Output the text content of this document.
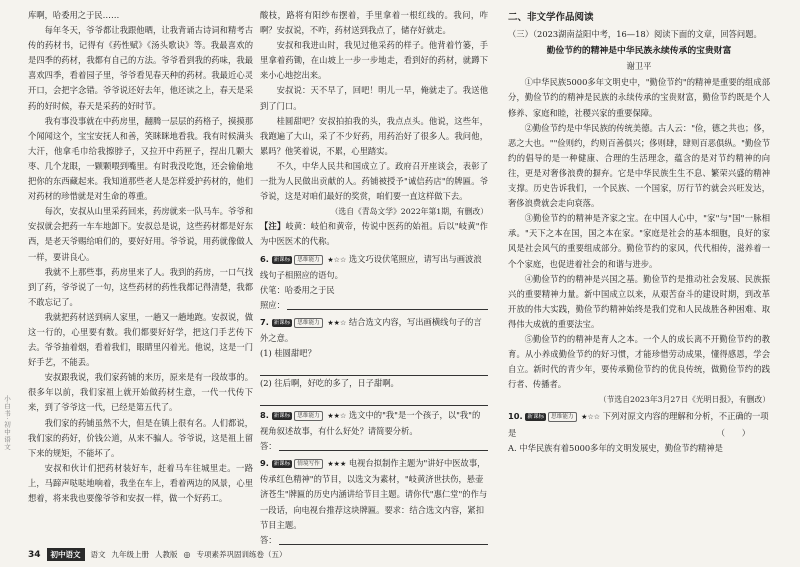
小白书·初中语文

库啊，哈委用之于民……

每年冬天，爷爷都让我跟他晒，让我背诵古诗词和精考古传的药材书，记得有《药性赋》《汤头歌诀》等。我最喜欢的是四季的药材，我都有自己的方法。爷爷看到我的药味，我最喜欢四季，看着园子里，爷爷看见春天种的药材。我最近心灵开口，会把字念错。爷爷说还好去年，他还读之上，春天是采药的好时候，春天是采药的好时节。

我有事没事就在中药房里，翻腾一层层的药格子，摸摸那个闻闻这个，宝宝安抚人和善，笑眯眯地看我。我有时候满头大汗，他拿毛巾给我擦脖子，又拉开中药匣子，捏出几颗大枣、几个龙眼，一颗颗喂到嘴里。有时我没吃饱，还会偷偷地把你的东西藏起来。我知道那些老人是怎样爱护药材的，他们对药材的珍惜就是对生命的尊重。

每次，安叔从山里采药回来，药房就来一队马车。爷爷和安叔就会把药一车车地卸下。安叔总是说，这些药材都是好东西，是老天爷赐给咱们的，要好好用。爷爷说，用药就像做人一样，要讲良心。

我就不上那些事，药房里来了人。我到的药房，一口气找到了药，爷爷说了一句，这些药材的药性我都记得清楚，我都不敢忘记了。

我就把药材送到病人家里，一趟又一趟地跑。安叔说，做这一行的，心里要有数。我们都要好好学，把这门手艺传下去。爷爷抽着烟，看着我们，眼睛里闪着光。他说，这是一门好手艺，不能丢。

安叔跟我说，我们家药铺的来历，原来是有一段故事的。很多年以前，我们家祖上就开始做药材生意，一代一代传下来，到了爷爷这一代，已经是第五代了。

我们家的药铺虽然不大，但是在镇上很有名。人们都说，我们家的药好，价钱公道，从来不骗人。爷爷说，这是祖上留下来的规矩，不能坏了。

安叔和伙计们把药材装好车，赶着马车往城里走。一路上，马蹄声哒哒地响着，我坐在车上，看着两边的风景，心里想着，将来我也要像爷爷和安叔一样，做一个好药工。

酸枝，路将有阳纱布摆着，手里拿着一根红线的。我问，咋啊？安叔说，不咋，药材送到我点了，储存好就走。

安叔和我进山时，我见过他采药的样子。他背着竹篓，手里拿着药锄，在山坡上一步一步地走，看到好的药材，就蹲下来小心地挖出来。

安叔说：天不早了，回吧！明儿一早，俺就走了。我送他到了门口。

桂圆甜吧？安叔拍拍我的头，我点点头。他说，这些年，我跑遍了大山，采了不少好药，用药治好了很多人。我问他，累吗？他笑着说，不累，心里踏实。

不久，中华人民共和国成立了。政府召开座谈会，表彰了一批为人民做出贡献的人。药铺被授予"诚信药店"的牌匾。爷爷说，这是对咱们最好的奖赏，咱们要一直这样做下去。

（选自《青岛文学》2022年第1期，有删改）

【注】岐黄：岐伯和黄帝，传说中医药的始祖。后以"岐黄"作为中医医术的代称。

6. 新课标 思维能力 ★☆☆ 选文巧设伏笔照应，请写出与画波浪线句子相照应的语句。
伏笔：哈委用之于民
照应：
7. 新课标 思维能力 ★★☆ 结合选文内容，写出画横线句子的言外之意。
(1) 桂圆甜吧？
(2) 往后啊，好吃的多了，日子甜啊。
8. 新课标 思维能力 ★★☆ 选文中的"我"是一个孩子，以"我"的视角叙述故事，有什么好处？请简要分析。
答：
9. 新课标 情境写作 ★★★ 电视台拟制作主题为"讲好中医故事，传承红色精神"的节目，以选文为素材，"岐黄济世扶伤，悬壶济苍生"牌匾的历史内涵讲给节目主题。请你代"惠仁堂"的作与一段话，向电视台推荐这块牌匾。要求：结合选文内容，紧扣节目主题。
答：
二、非文学作品阅读

（三）（2023湖南益阳中考，16—18）阅读下面的文章，回答问题。

勤俭节约的精神是中华民族永续传承的宝贵财富
谢卫平

①中华民族5000多年文明史中，"勤俭节约"的精神是重要的组成部分，勤俭节约的精神是民族的永续传承的宝贵财富，勤俭节约既是个人修养、家庭和睦，社稷兴家的重要保障。

②勤俭节约是中华民族的传统美德。古人云："俭，德之共也；侈，恶之大也。""俭则约，约则百善俱兴；侈则肆，肆则百恶俱纵。"勤俭节约的倡导的是一种健康、合理的生活理念，蕴含的是对节约精神的向往，更是对奢侈浪费的摒弃。它是中华民族生生不息、繁荣兴盛的精神支撑。历史告诉我们，一个民族、一个国家，厉行节约就会兴旺发达，奢侈浪费就会走向衰落。

③勤俭节约的精神是齐家之宝。在中国人心中，"家"与"国"一脉相承。"天下之本在国，国之本在家。"家庭是社会的基本细胞，良好的家风是社会风气的重要组成部分。勤俭节约的家风，代代相传，滋养着一个个家庭，也促进着社会的和谐与进步。

④勤俭节约的精神是兴国之基。勤俭节约是推动社会发展、民族振兴的重要精神力量。新中国成立以来，从艰苦奋斗的建设时期，到改革开放的伟大实践，勤俭节约精神始终是我们党和人民战胜各种困难、取得伟大成就的重要法宝。

⑤勤俭节约的精神是育人之本。一个人的成长离不开勤俭节约的教育。从小养成勤俭节约的好习惯，才能珍惜劳动成果，懂得感恩，学会自立。新时代的青少年，要传承勤俭节约的优良传统，做勤俭节约的践行者、传播者。

（节选自2023年3月27日《光明日报》，有删改）
10. 新课标 思维能力 ★☆☆ 下列对原文内容的理解和分析，不正确的一项是	（　　）
A. 中华民族有着5000多年的文明发展史，勤俭节约精神是
34	初中语文	语文 九年级上册 人教版 ◎ 专项素养巩固训练卷（五）
